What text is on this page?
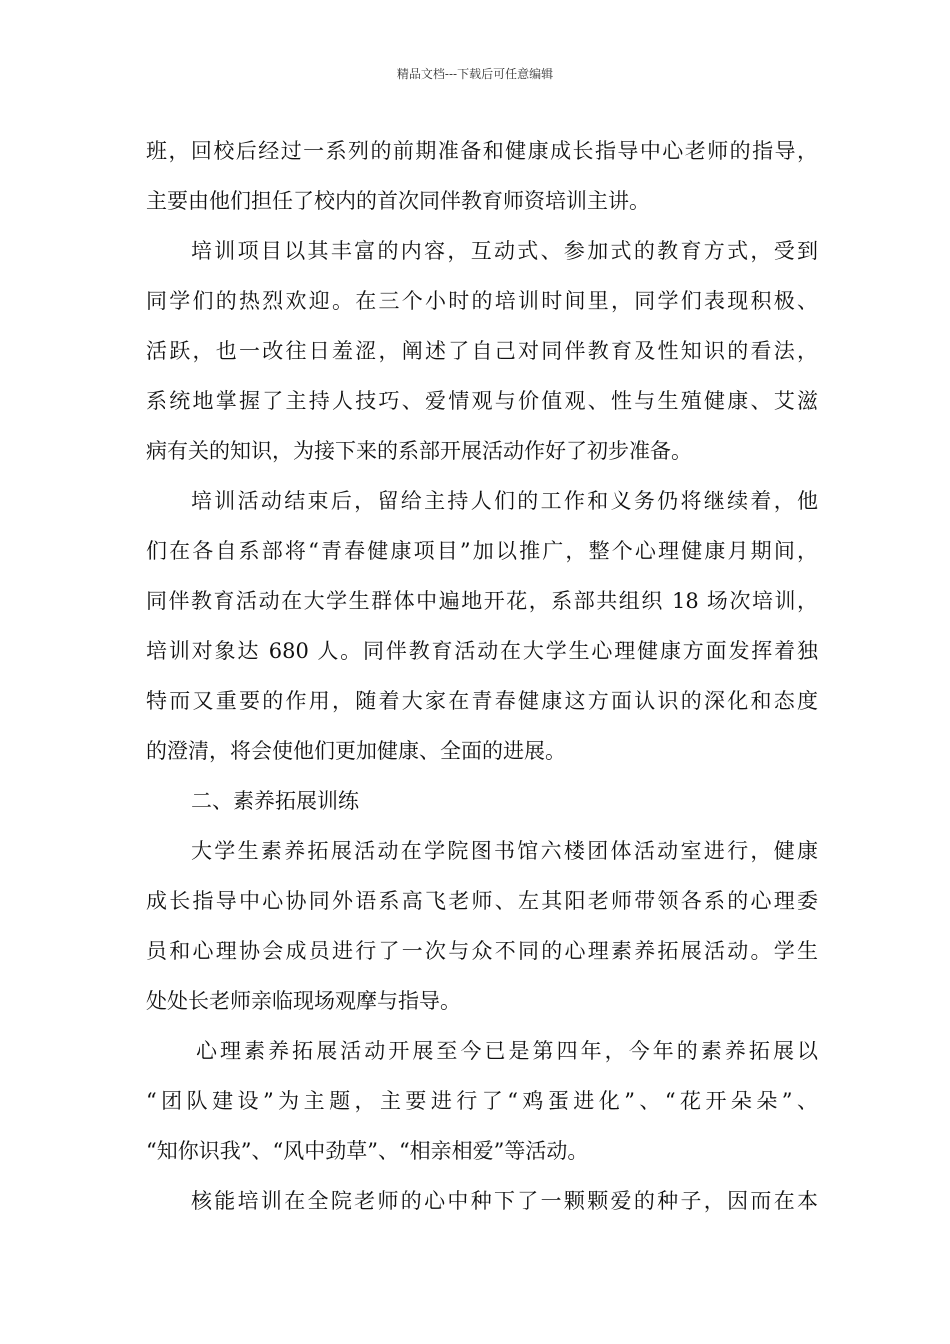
精品文档---下载后可任意编辑
班，回校后经过一系列的前期准备和健康成长指导中心老师的指导，
主要由他们担任了校内的首次同伴教育师资培训主讲。
培训项目以其丰富的内容，互动式、参加式的教育方式，受到
同学们的热烈欢迎。在三个小时的培训时间里，同学们表现积极、
活跃，也一改往日羞涩，阐述了自己对同伴教育及性知识的看法，
系统地掌握了主持人技巧、爱情观与价值观、性与生殖健康、艾滋
病有关的知识，为接下来的系部开展活动作好了初步准备。
培训活动结束后，留给主持人们的工作和义务仍将继续着，他
们在各自系部将“青春健康项目”加以推广，整个心理健康月期间，
同伴教育活动在大学生群体中遍地开花，系部共组织 18 场次培训，
培训对象达 680 人。同伴教育活动在大学生心理健康方面发挥着独
特而又重要的作用，随着大家在青春健康这方面认识的深化和态度
的澄清，将会使他们更加健康、全面的进展。
二、素养拓展训练
大学生素养拓展活动在学院图书馆六楼团体活动室进行，健康
成长指导中心协同外语系高飞老师、左其阳老师带领各系的心理委
员和心理协会成员进行了一次与众不同的心理素养拓展活动。学生
处处长老师亲临现场观摩与指导。
心理素养拓展活动开展至今已是第四年，今年的素养拓展以
“团队建设”为主题，主要进行了“鸡蛋进化”、“花开朵朵”、
“知你识我”、“风中劲草”、“相亲相爱”等活动。
核能培训在全院老师的心中种下了一颗颗爱的种子，因而在本
